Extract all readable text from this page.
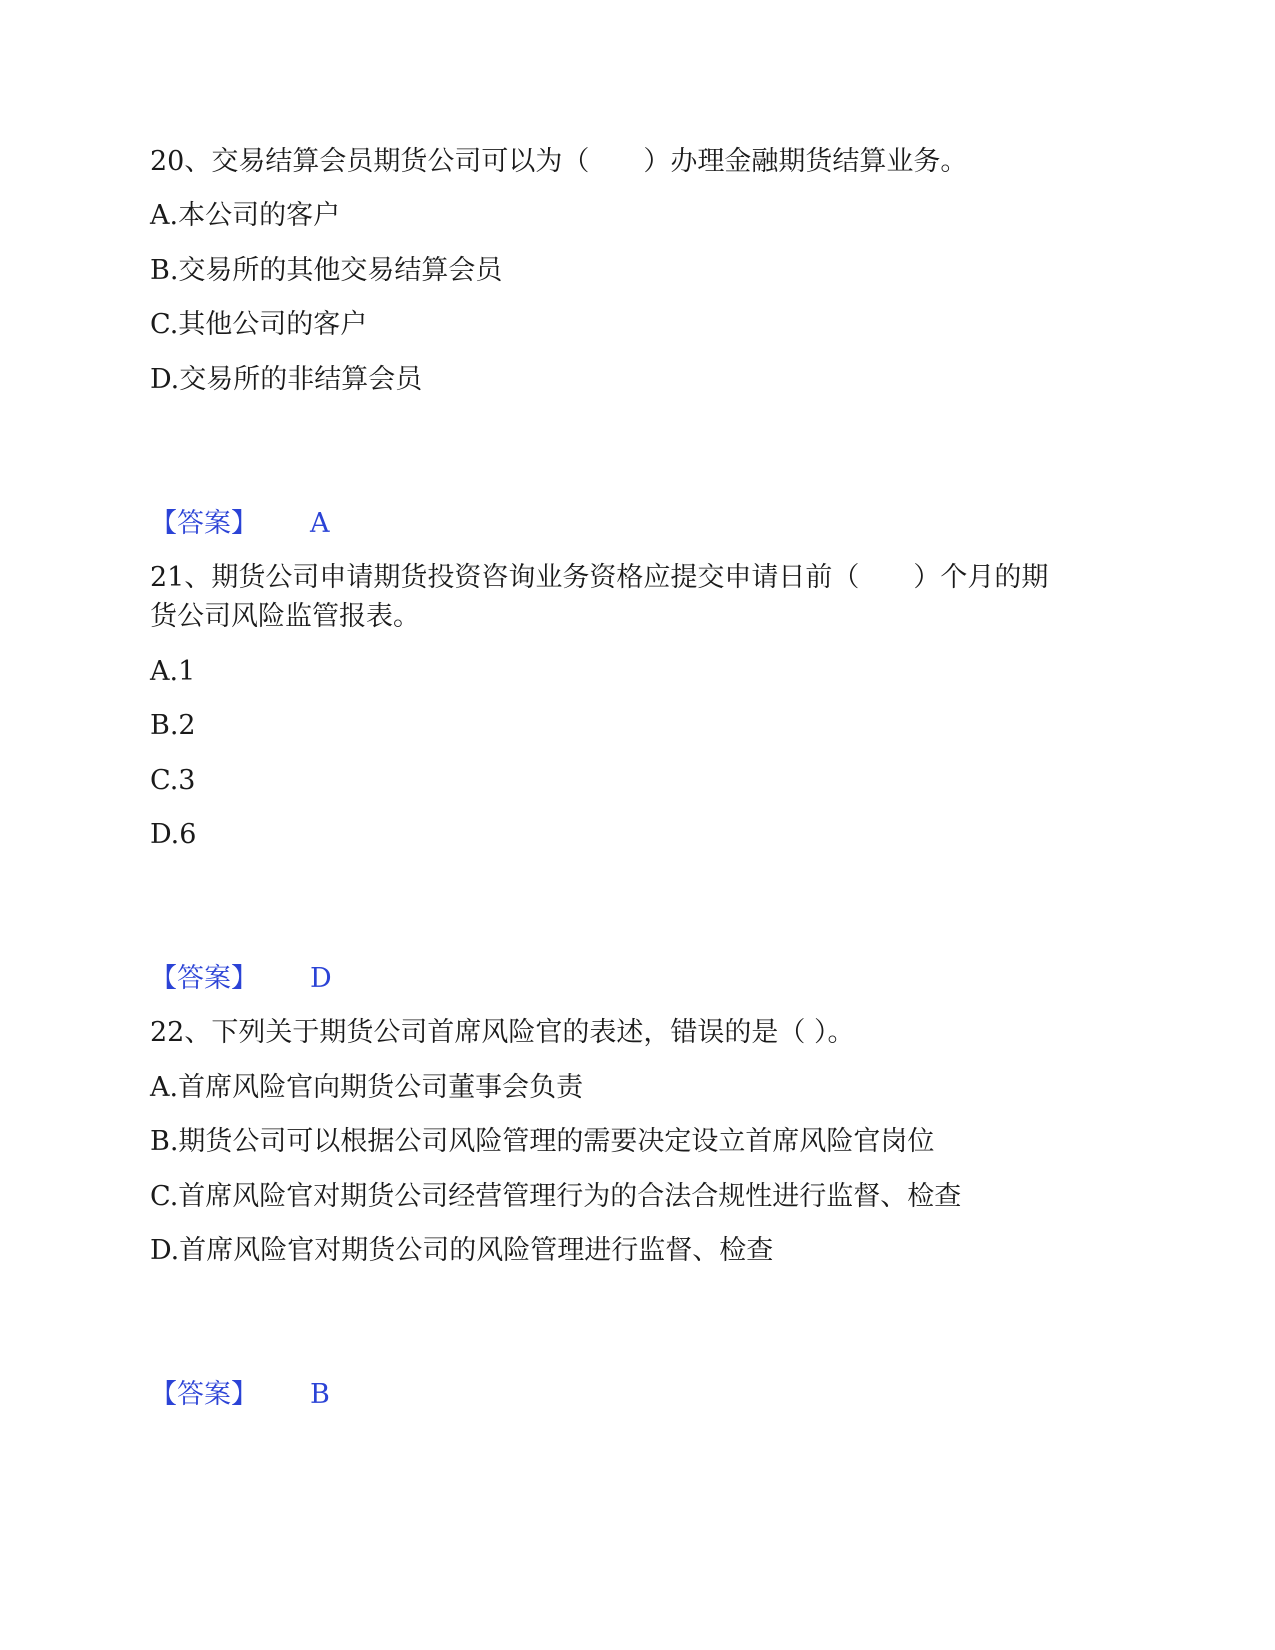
20、交易结算会员期货公司可以为（　　）办理金融期货结算业务。
A.本公司的客户
B.交易所的其他交易结算会员
C.其他公司的客户
D.交易所的非结算会员
【答案】 A
21、期货公司申请期货投资咨询业务资格应提交申请日前（　　）个月的期
货公司风险监管报表。
A.1
B.2
C.3
D.6
【答案】 D
22、下列关于期货公司首席风险官的表述，错误的是（ ）。
A.首席风险官向期货公司董事会负责
B.期货公司可以根据公司风险管理的需要决定设立首席风险官岗位
C.首席风险官对期货公司经营管理行为的合法合规性进行监督、检查
D.首席风险官对期货公司的风险管理进行监督、检查
【答案】 B
